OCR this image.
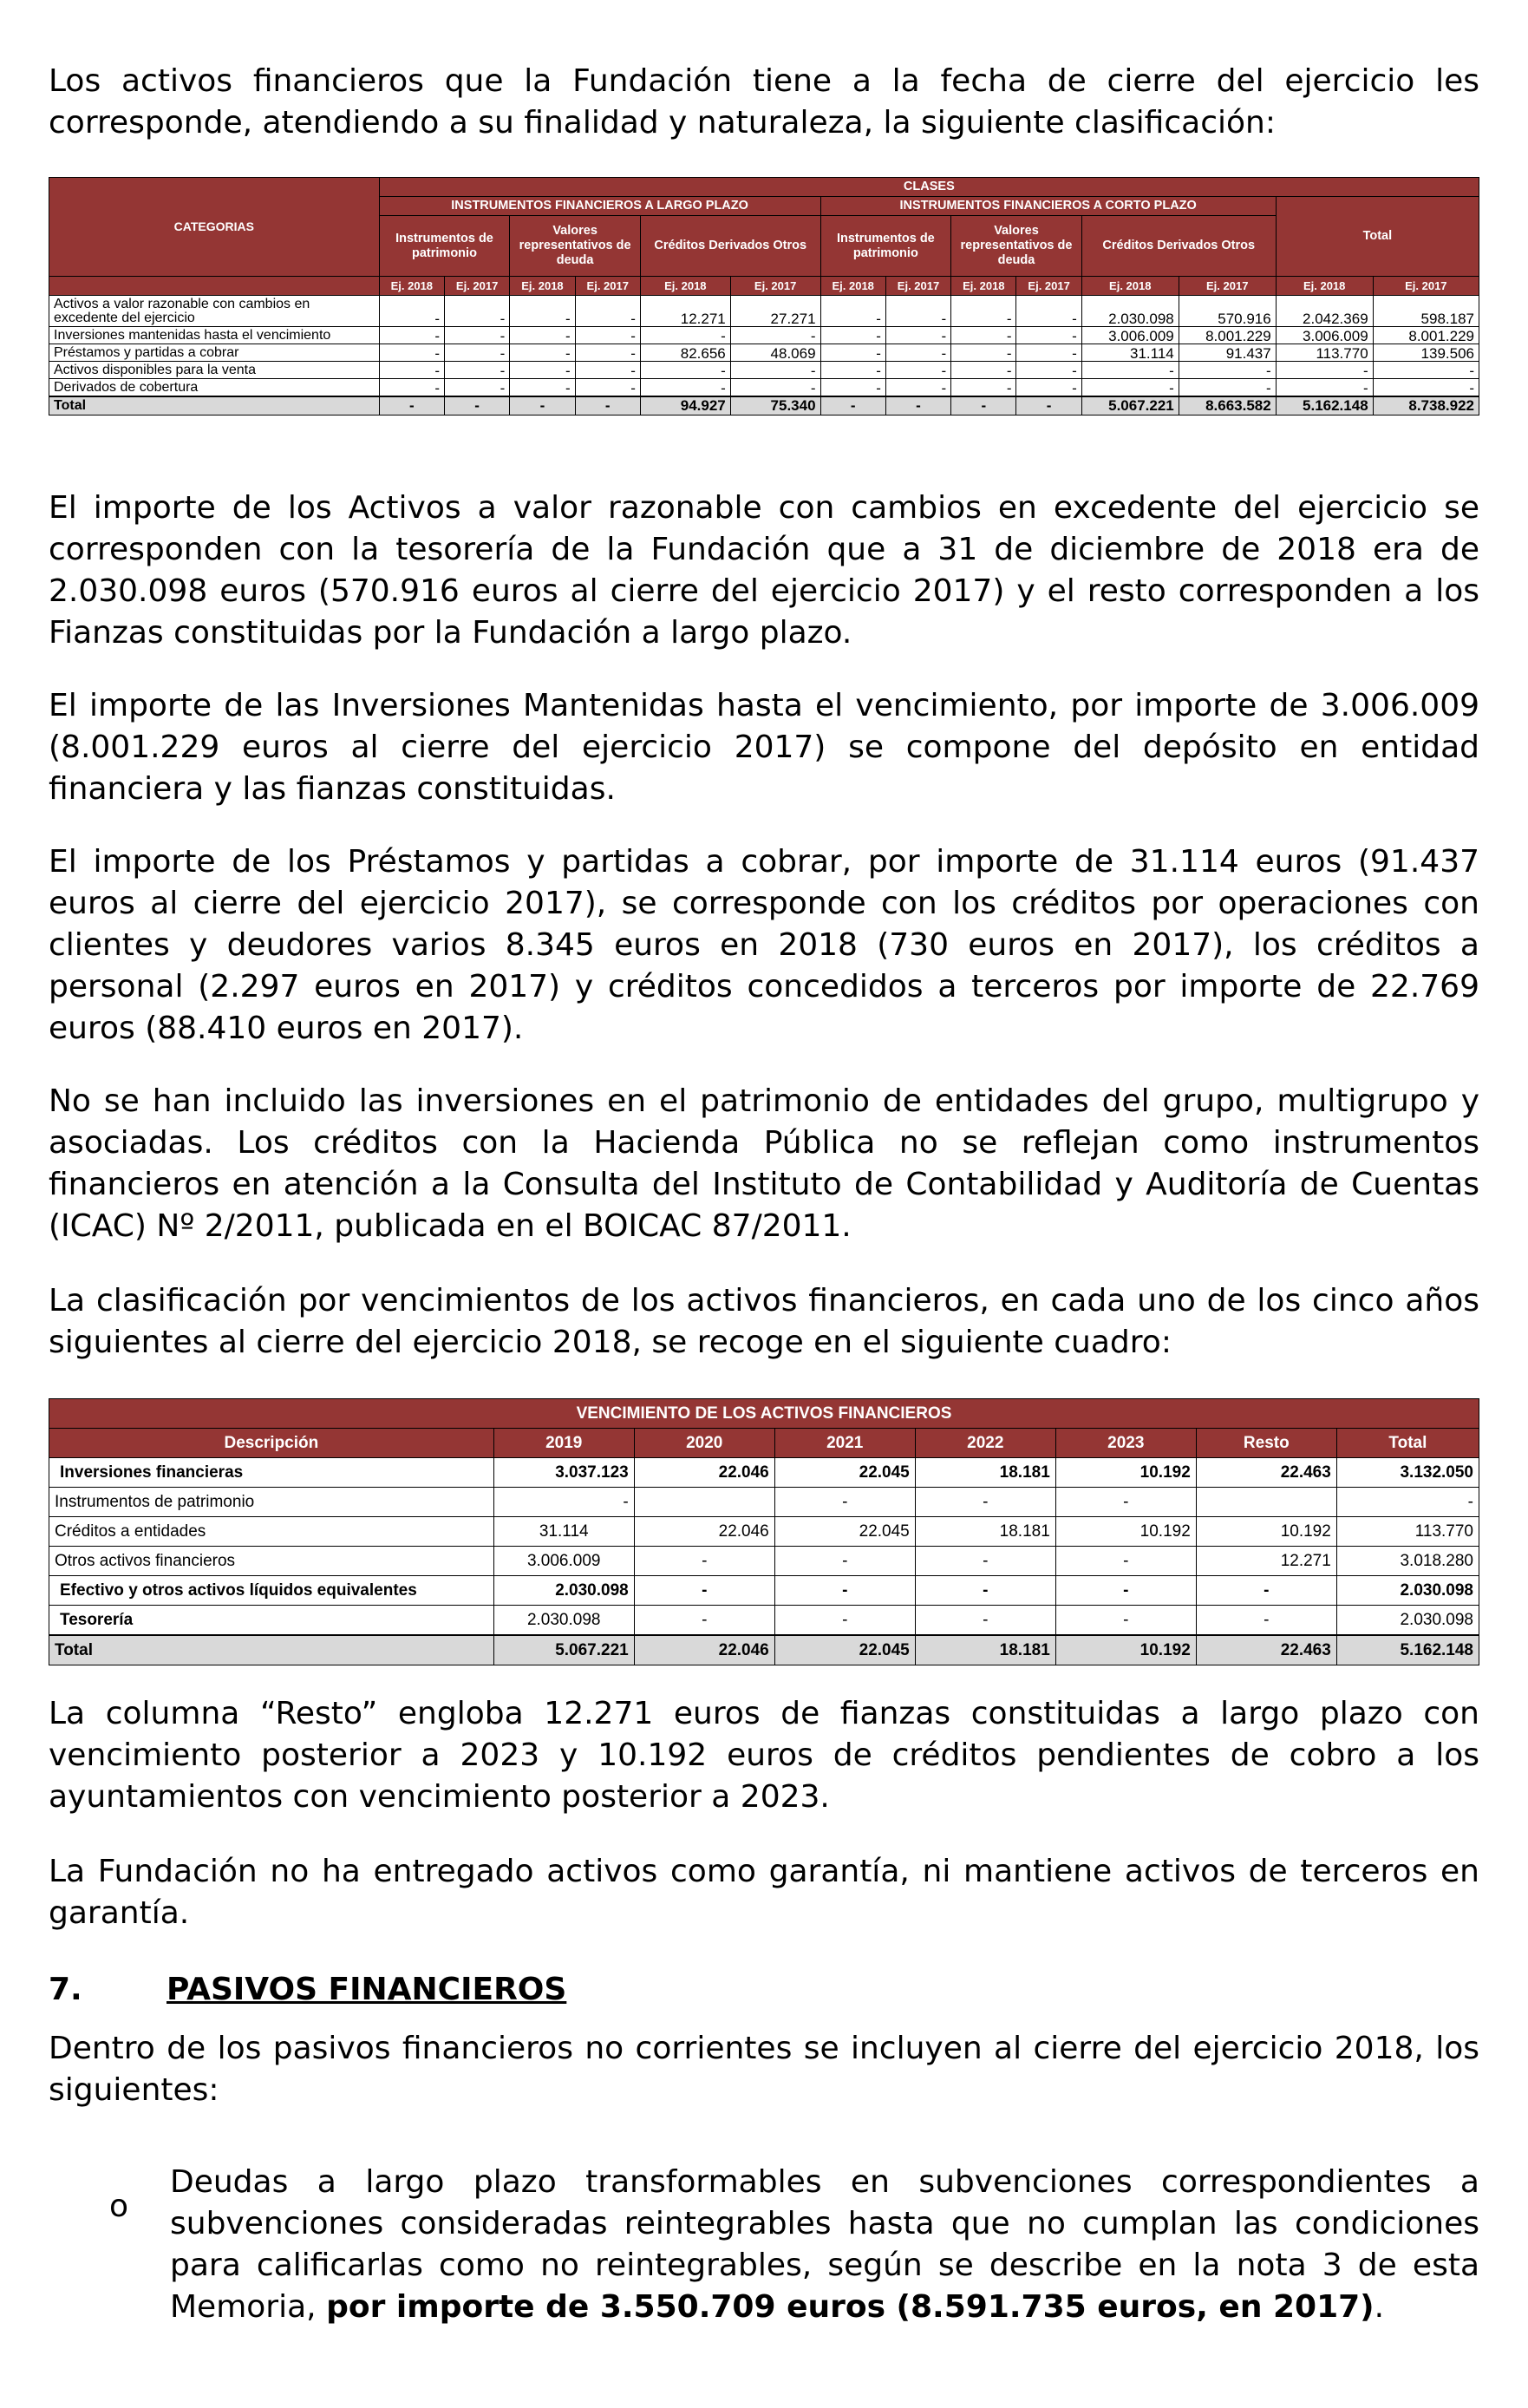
Los activos financieros que la Fundación tiene a la fecha de cierre del ejercicio les corresponde, atendiendo a su finalidad y naturaleza, la siguiente clasificación:

CATEGORIAS	CLASES													
	INSTRUMENTOS FINANCIEROS A LARGO PLAZO						INSTRUMENTOS FINANCIEROS A CORTO PLAZO						Total	
	Instrumentos de patrimonio		Valores representativos de deuda		Créditos Derivados Otros		Instrumentos de patrimonio		Valores representativos de deuda		Créditos Derivados Otros			
	Ej. 2018	Ej. 2017	Ej. 2018	Ej. 2017	Ej. 2018	Ej. 2017	Ej. 2018	Ej. 2017	Ej. 2018	Ej. 2017	Ej. 2018	Ej. 2017	Ej. 2018	Ej. 2017
Activos a valor razonable con cambios en excedente del ejercicio	-	-	-	-	12.271	27.271	-	-	-	-	2.030.098	570.916	2.042.369	598.187
Inversiones mantenidas hasta el vencimiento	-	-	-	-	-	-	-	-	-	-	3.006.009	8.001.229	3.006.009	8.001.229
Préstamos y partidas a cobrar	-	-	-	-	82.656	48.069	-	-	-	-	31.114	91.437	113.770	139.506
Activos disponibles para la venta	-	-	-	-	-	-	-	-	-	-	-	-	-	-
Derivados de cobertura	-	-	-	-	-	-	-	-	-	-	-	-	-	-
Total	-	-	-	-	94.927	75.340	-	-	-	-	5.067.221	8.663.582	5.162.148	8.738.922

El importe de los Activos a valor razonable con cambios en excedente del ejercicio se corresponden con la tesorería de la Fundación que a 31 de diciembre de 2018 era de 2.030.098 euros (570.916 euros al cierre del ejercicio 2017) y el resto corresponden a los Fianzas constituidas por la Fundación a largo plazo.

El importe de las Inversiones Mantenidas hasta el vencimiento, por importe de 3.006.009 (8.001.229 euros al cierre del ejercicio 2017) se compone del depósito en entidad financiera y las fianzas constituidas.

El importe de los Préstamos y partidas a cobrar, por importe de 31.114 euros (91.437 euros al cierre del ejercicio 2017), se corresponde con los créditos por operaciones con clientes y deudores varios 8.345 euros en 2018 (730 euros en 2017), los créditos a personal (2.297 euros en 2017) y créditos concedidos a terceros por importe de 22.769 euros (88.410 euros en 2017).

No se han incluido las inversiones en el patrimonio de entidades del grupo, multigrupo y asociadas. Los créditos con la Hacienda Pública no se reflejan como instrumentos financieros en atención a la Consulta del Instituto de Contabilidad y Auditoría de Cuentas (ICAC) Nº 2/2011, publicada en el BOICAC 87/2011.

La clasificación por vencimientos de los activos financieros, en cada uno de los cinco años siguientes al cierre del ejercicio 2018, se recoge en el siguiente cuadro:

VENCIMIENTO DE LOS ACTIVOS FINANCIEROS							
Descripción	2019	2020	2021	2022	2023	Resto	Total
Inversiones financieras	3.037.123	22.046	22.045	18.181	10.192	22.463	3.132.050
Instrumentos de patrimonio	-		-	-	-		-
Créditos a entidades	31.114	22.046	22.045	18.181	10.192	10.192	113.770
Otros activos financieros	3.006.009	-	-	-	-	12.271	3.018.280
Efectivo y otros activos líquidos equivalentes	2.030.098	-	-	-	-	-	2.030.098
Tesorería	2.030.098	-	-	-	-	-	2.030.098
Total	5.067.221	22.046	22.045	18.181	10.192	22.463	5.162.148

La columna “Resto” engloba 12.271 euros de fianzas constituidas a largo plazo con vencimiento posterior a 2023 y 10.192 euros de créditos pendientes de cobro a los ayuntamientos con vencimiento posterior a 2023.

La Fundación no ha entregado activos como garantía, ni mantiene activos de terceros en garantía.

7.	PASIVOS FINANCIEROS

Dentro de los pasivos financieros no corrientes se incluyen al cierre del ejercicio 2018, los siguientes:

o

Deudas a largo plazo transformables en subvenciones correspondientes a subvenciones consideradas reintegrables hasta que no cumplan las condiciones para calificarlas como no reintegrables, según se describe en la nota 3 de esta Memoria, por importe de 3.550.709 euros (8.591.735 euros, en 2017).
